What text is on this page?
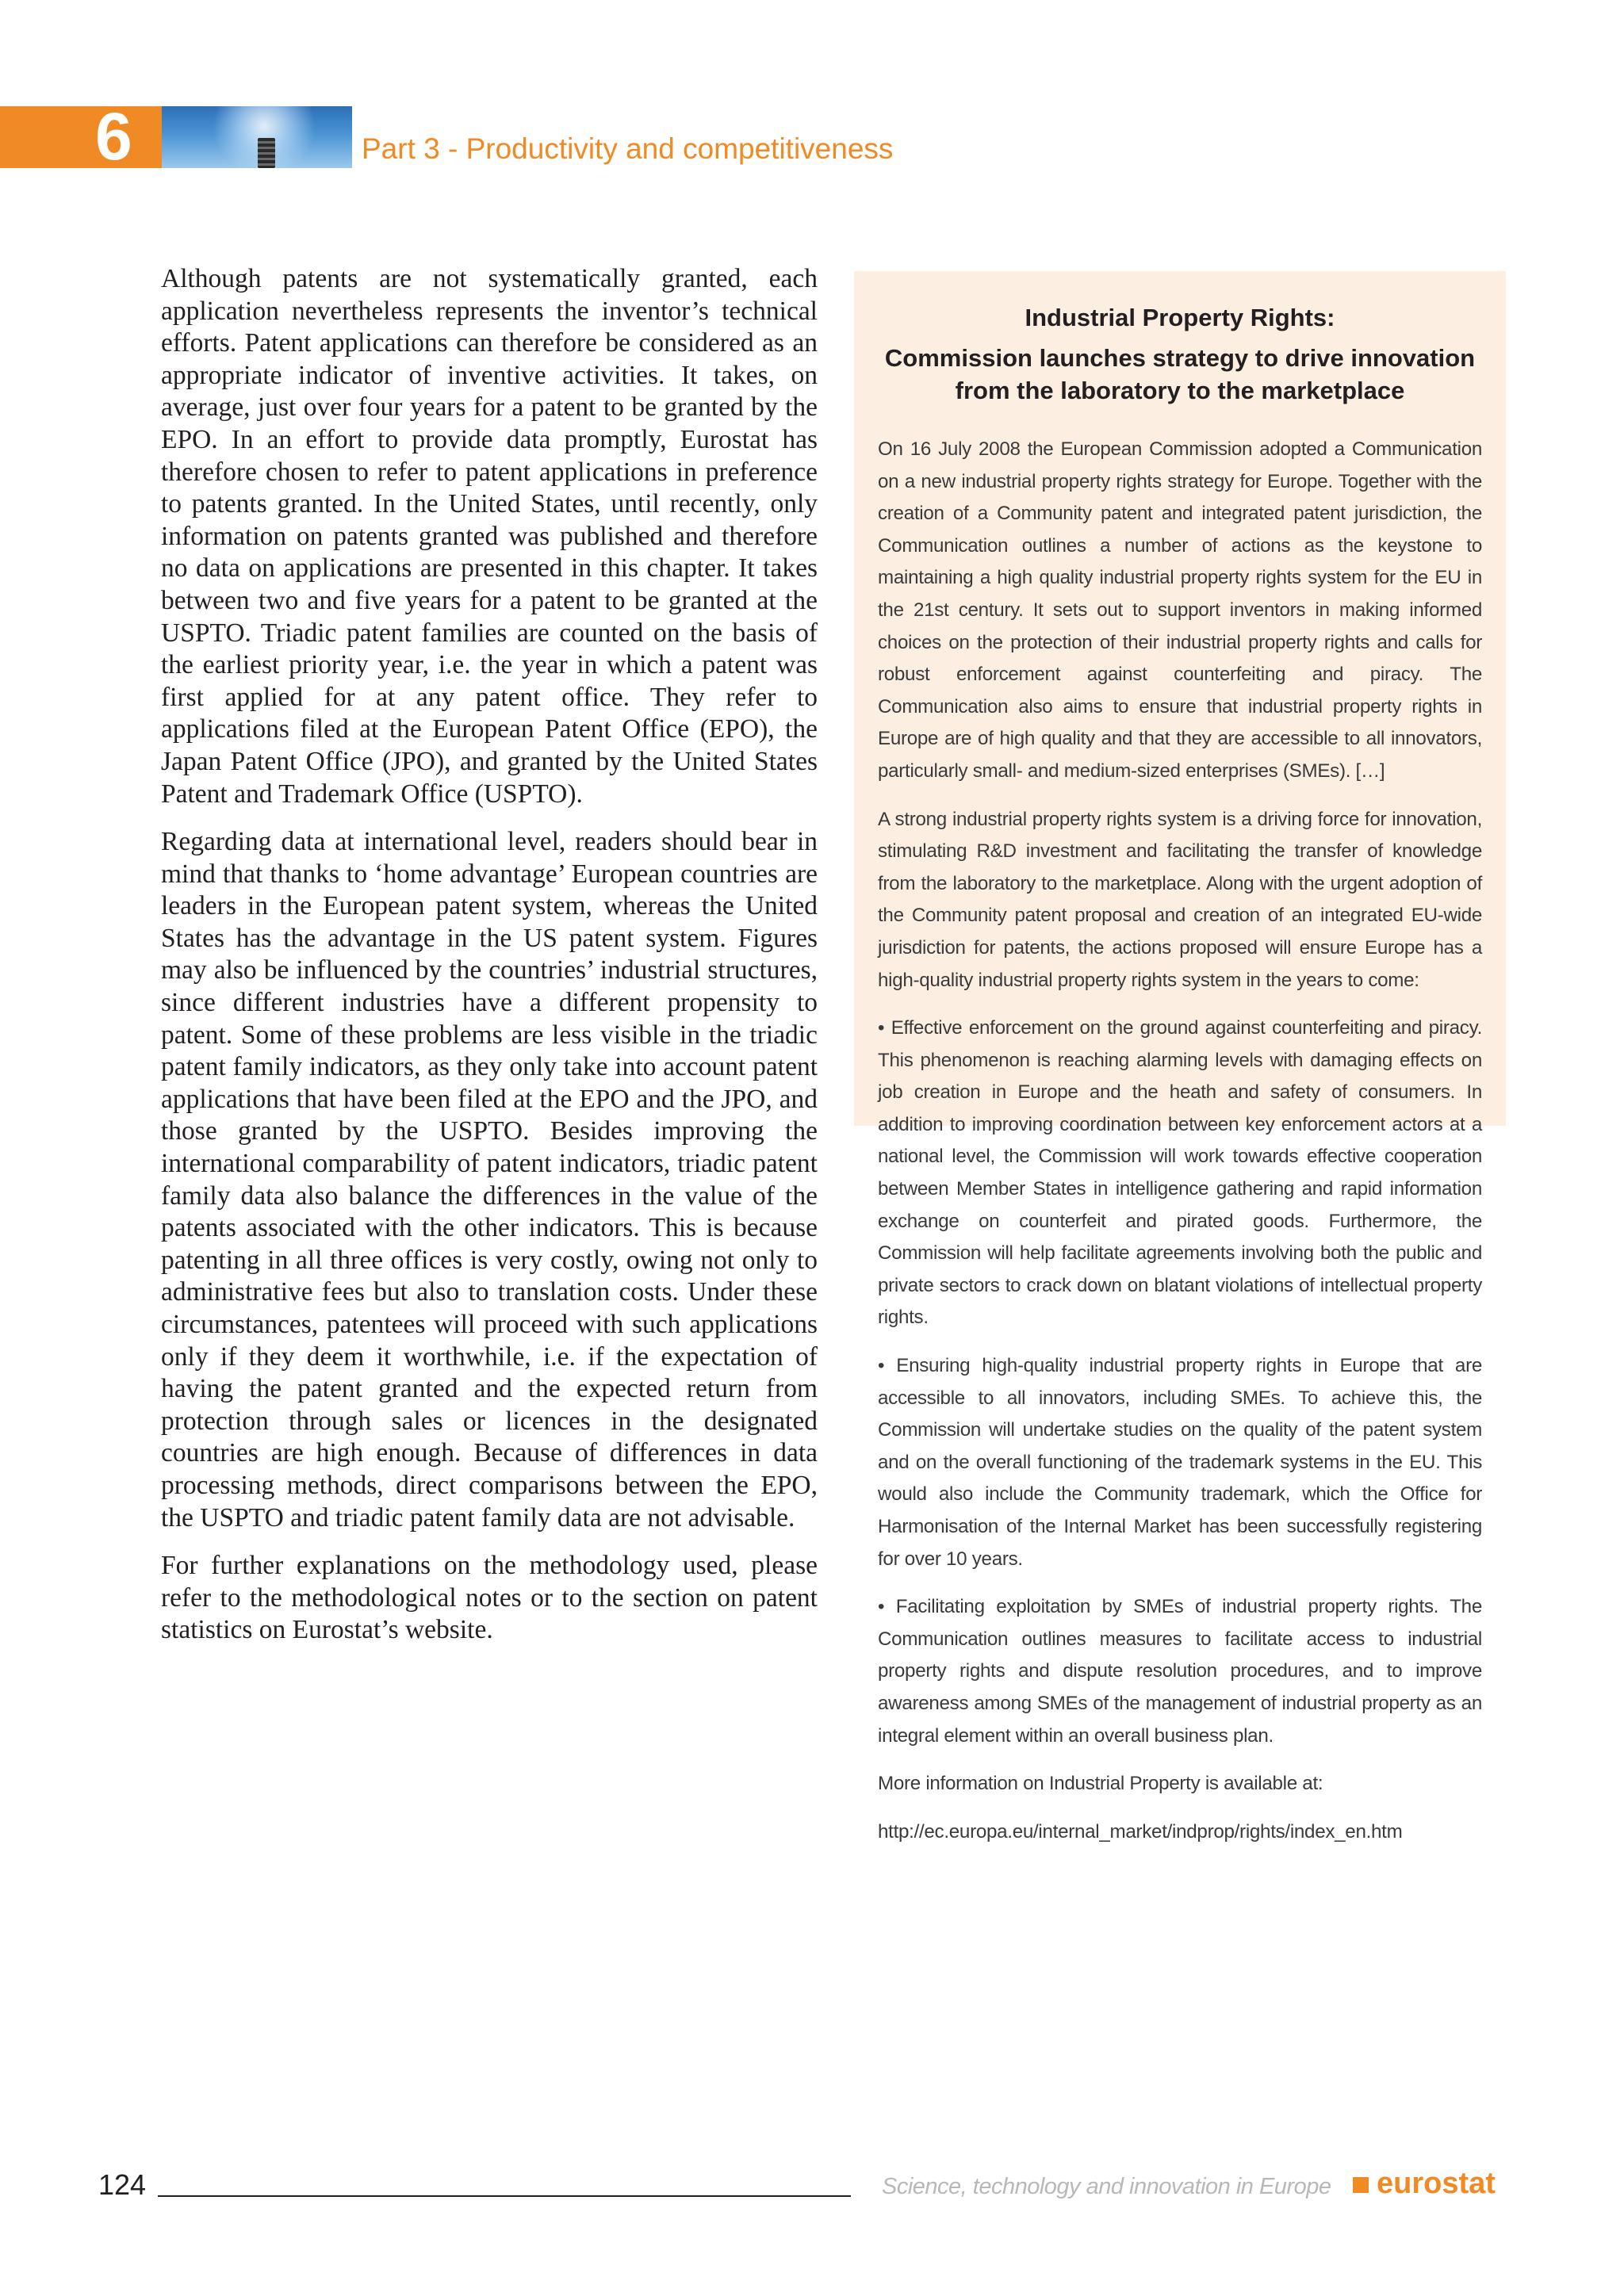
6	Part 3 - Productivity and competitiveness

Although patents are not systematically granted, each application nevertheless represents the inventor’s technical efforts. Patent applications can therefore be considered as an appropriate indicator of inventive activities. It takes, on average, just over four years for a patent to be granted by the EPO. In an effort to provide data promptly, Eurostat has therefore chosen to refer to patent applications in preference to patents granted. In the United States, until recently, only information on patents granted was published and therefore no data on applications are presented in this chapter. It takes between two and five years for a patent to be granted at the USPTO. Triadic patent families are counted on the basis of the earliest priority year, i.e. the year in which a patent was first applied for at any patent office. They refer to applications filed at the European Patent Office (EPO), the Japan Patent Office (JPO), and granted by the United States Patent and Trademark Office (USPTO).

Regarding data at international level, readers should bear in mind that thanks to ‘home advantage’ European countries are leaders in the European patent system, whereas the United States has the advantage in the US patent system. Figures may also be influenced by the countries’ industrial structures, since different industries have a different propensity to patent. Some of these problems are less visible in the triadic patent family indicators, as they only take into account patent applications that have been filed at the EPO and the JPO, and those granted by the USPTO. Besides improving the international comparability of patent indicators, triadic patent family data also balance the differences in the value of the patents associated with the other indicators. This is because patenting in all three offices is very costly, owing not only to administrative fees but also to translation costs. Under these circumstances, patentees will proceed with such applications only if they deem it worthwhile, i.e. if the expectation of having the patent granted and the expected return from protection through sales or licences in the designated countries are high enough. Because of differences in data processing methods, direct comparisons between the EPO, the USPTO and triadic patent family data are not advisable.

For further explanations on the methodology used, please refer to the methodological notes or to the section on patent statistics on Eurostat’s website.

Industrial Property Rights:
Commission launches strategy to drive innovation from the laboratory to the marketplace

On 16 July 2008 the European Commission adopted a Communication on a new industrial property rights strategy for Europe. Together with the creation of a Community patent and integrated patent jurisdiction, the Communication outlines a number of actions as the keystone to maintaining a high quality industrial property rights system for the EU in the 21st century. It sets out to support inventors in making informed choices on the protection of their industrial property rights and calls for robust enforcement against counterfeiting and piracy. The Communication also aims to ensure that industrial property rights in Europe are of high quality and that they are accessible to all innovators, particularly small- and medium-sized enterprises (SMEs). […]

A strong industrial property rights system is a driving force for innovation, stimulating R&D investment and facilitating the transfer of knowledge from the laboratory to the marketplace. Along with the urgent adoption of the Community patent proposal and creation of an integrated EU-wide jurisdiction for patents, the actions proposed will ensure Europe has a high-quality industrial property rights system in the years to come:

• Effective enforcement on the ground against counterfeiting and piracy. This phenomenon is reaching alarming levels with damaging effects on job creation in Europe and the heath and safety of consumers. In addition to improving coordination between key enforcement actors at a national level, the Commission will work towards effective cooperation between Member States in intelligence gathering and rapid information exchange on counterfeit and pirated goods. Furthermore, the Commission will help facilitate agreements involving both the public and private sectors to crack down on blatant violations of intellectual property rights.

• Ensuring high-quality industrial property rights in Europe that are accessible to all innovators, including SMEs. To achieve this, the Commission will undertake studies on the quality of the patent system and on the overall functioning of the trademark systems in the EU. This would also include the Community trademark, which the Office for Harmonisation of the Internal Market has been successfully registering for over 10 years.

• Facilitating exploitation by SMEs of industrial property rights. The Communication outlines measures to facilitate access to industrial property rights and dispute resolution procedures, and to improve awareness among SMEs of the management of industrial property as an integral element within an overall business plan.

More information on Industrial Property is available at:

http://ec.europa.eu/internal_market/indprop/rights/index_en.htm

124	Science, technology and innovation in Europe eurostat
